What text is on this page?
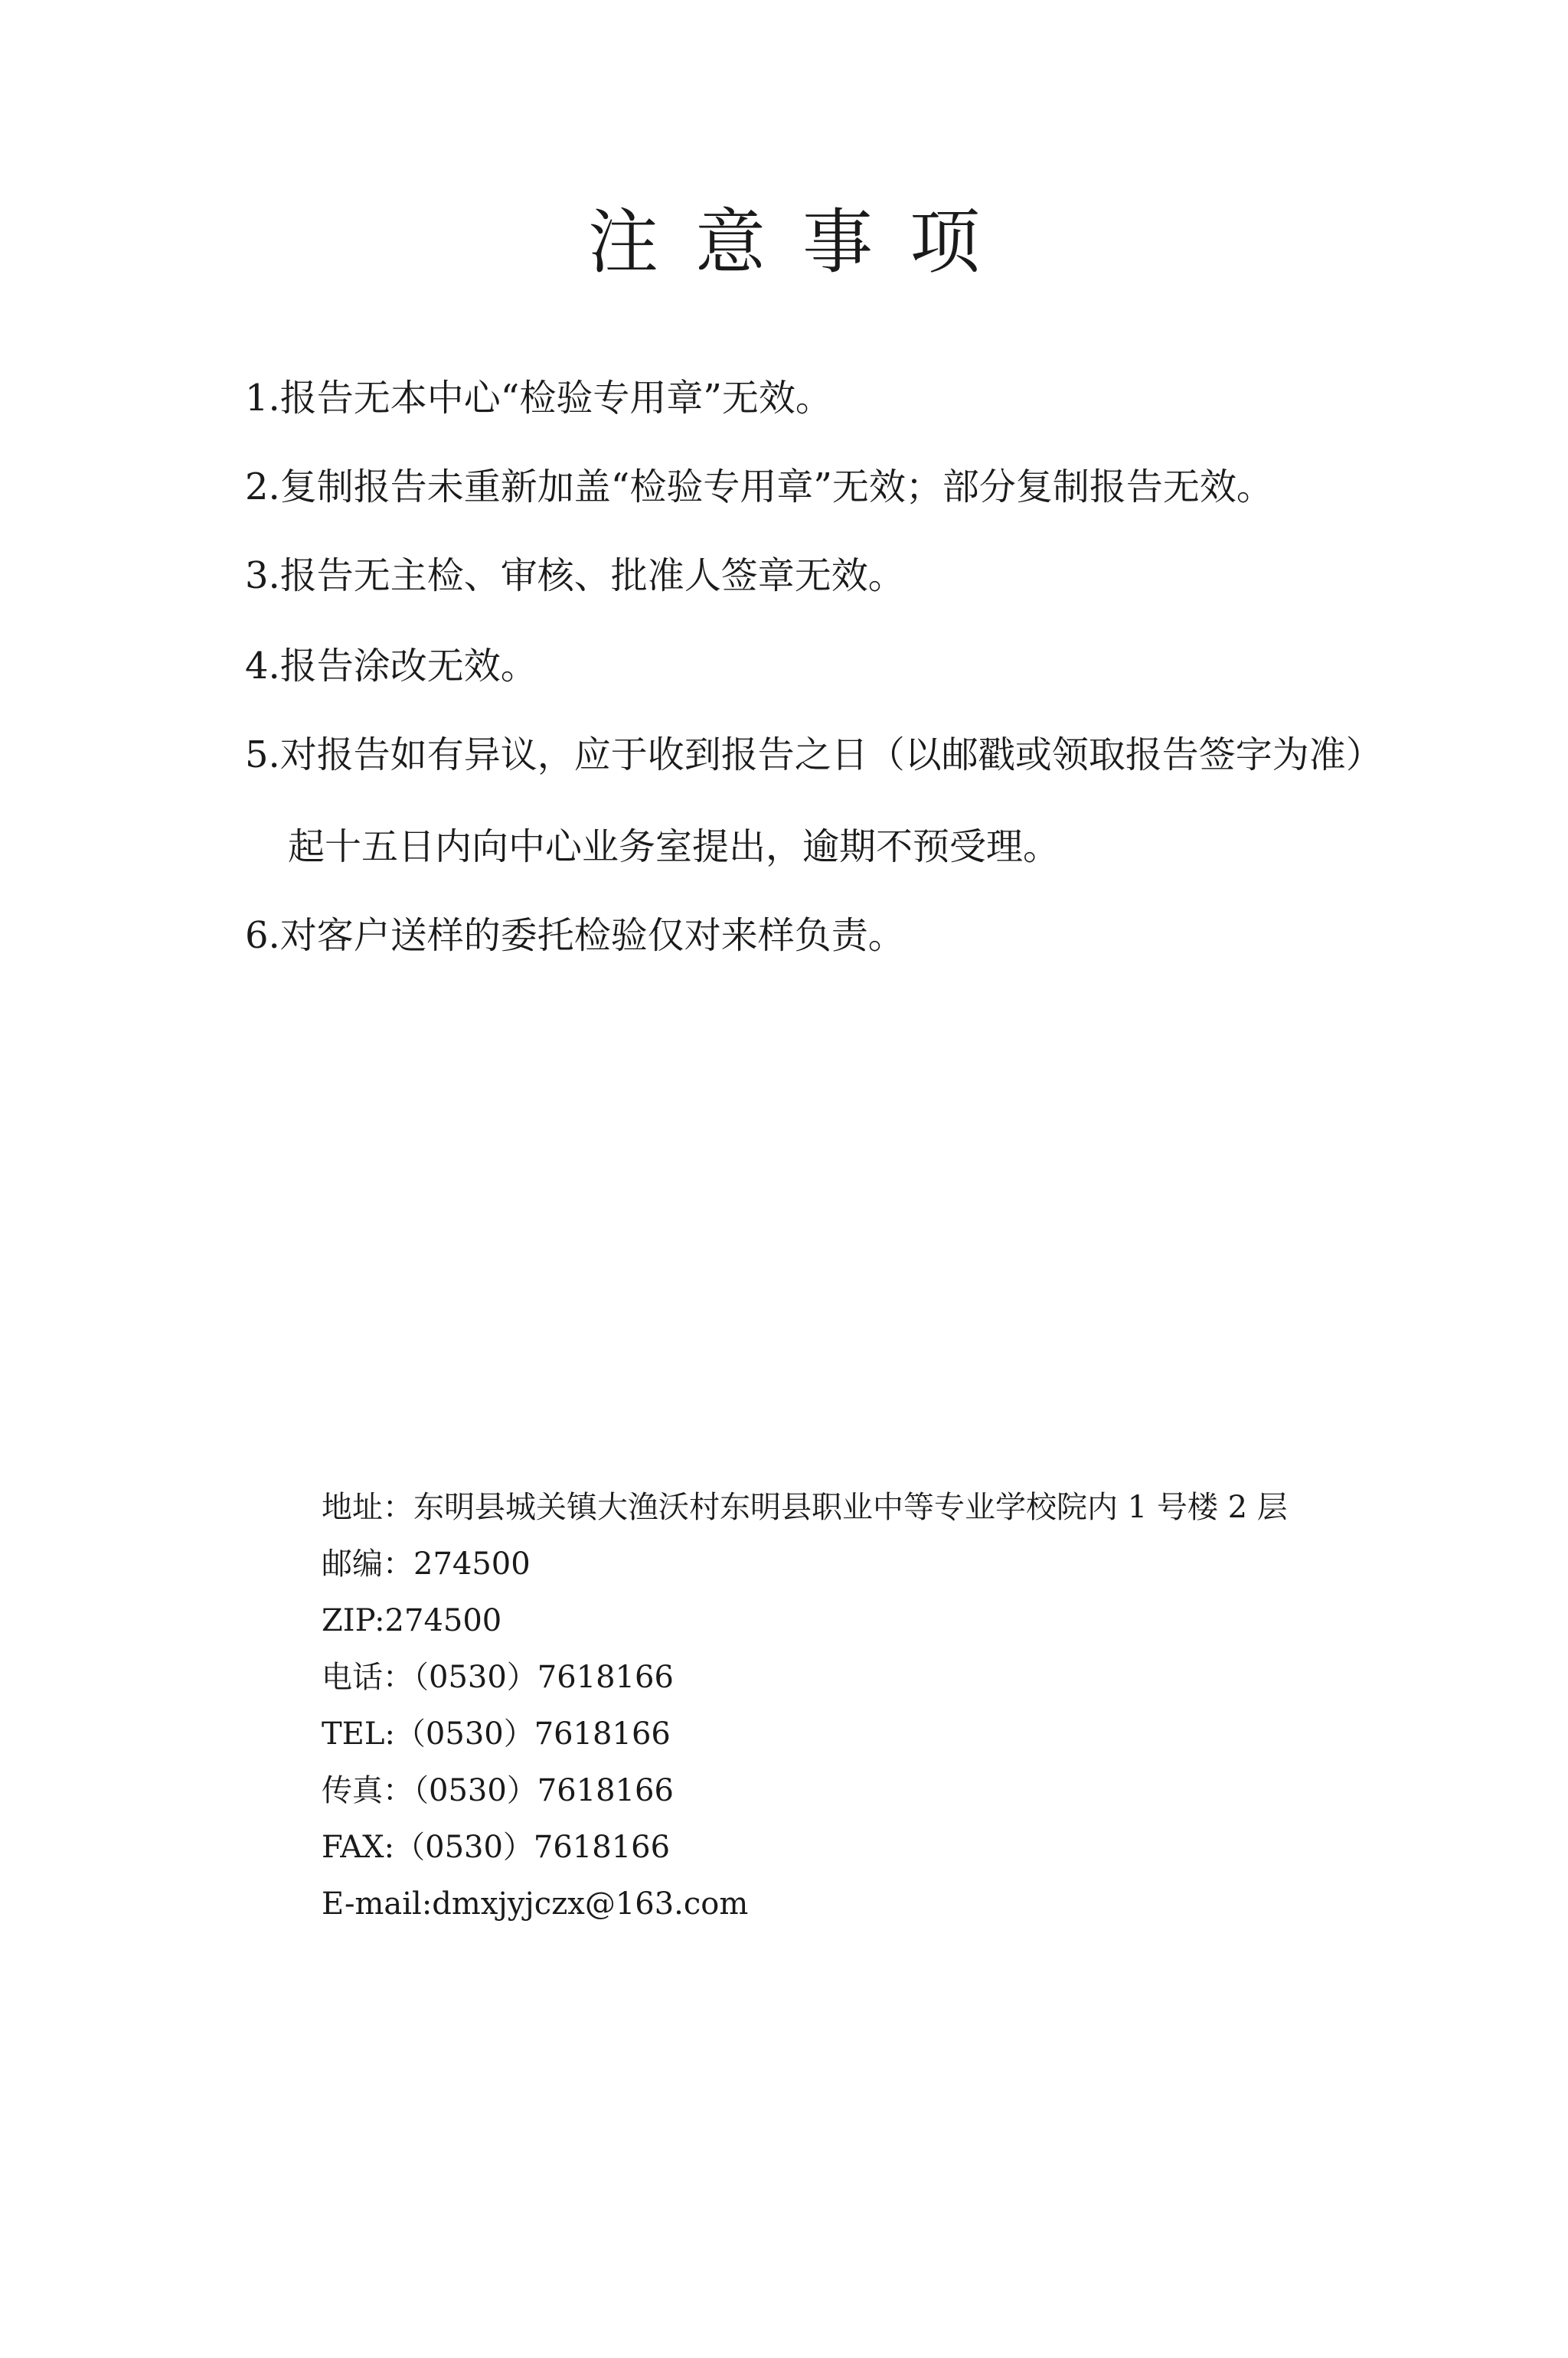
注意事项
1.报告无本中心“检验专用章”无效。
2.复制报告未重新加盖“检验专用章”无效；部分复制报告无效。
3.报告无主检、审核、批准人签章无效。
4.报告涂改无效。
5.对报告如有异议，应于收到报告之日（以邮戳或领取报告签字为准）
起十五日内向中心业务室提出，逾期不预受理。
6.对客户送样的委托检验仅对来样负责。
地址：东明县城关镇大渔沃村东明县职业中等专业学校院内 1 号楼 2 层
邮编：274500
ZIP:274500
电话：（0530）7618166
TEL:（0530）7618166
传真：（0530）7618166
FAX:（0530）7618166
E-mail:dmxjyjczx@163.com
